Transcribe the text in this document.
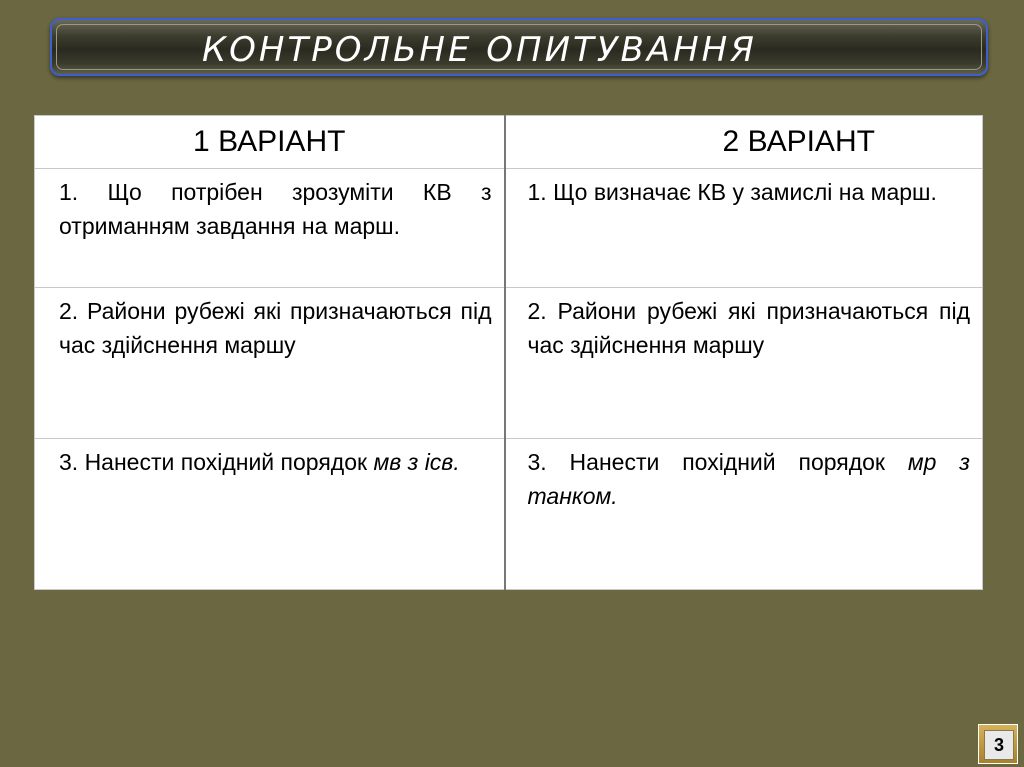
КОНТРОЛЬНЕ ОПИТУВАННЯ
1 ВАРІАНТ	2 ВАРІАНТ

1. Що потрібен зрозуміти КВ з отриманням завдання на марш.	1. Що визначає КВ у замислі на марш.

2. Райони рубежі які призначаються під час здійснення маршу	2. Райони рубежі які призначаються під час здійснення маршу

3. Нанести похідний порядок мв з ісв.	3. Нанести похідний порядок мр з танком.
3
